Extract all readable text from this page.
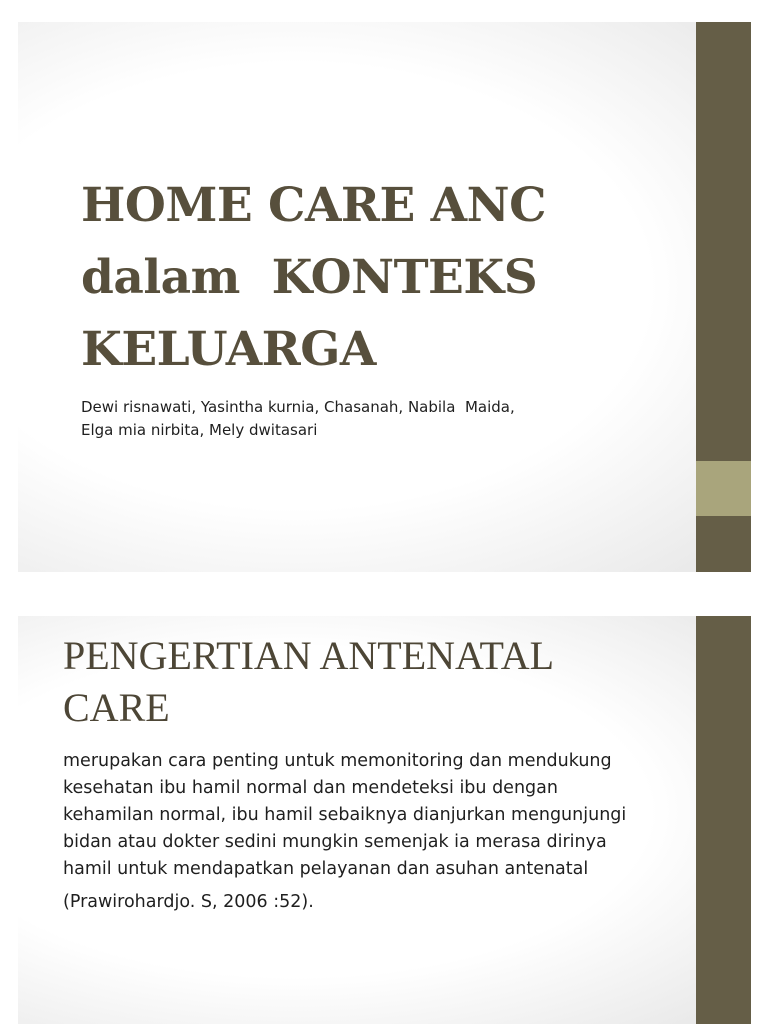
HOME CARE ANC
dalam  KONTEKS
KELUARGA

Dewi risnawati, Yasintha kurnia, Chasanah, Nabila  Maida,
Elga mia nirbita, Mely dwitasari

PENGERTIAN ANTENATAL
CARE
merupakan cara penting untuk memonitoring dan mendukung
kesehatan ibu hamil normal dan mendeteksi ibu dengan
kehamilan normal, ibu hamil sebaiknya dianjurkan mengunjungi
bidan atau dokter sedini mungkin semenjak ia merasa dirinya
hamil untuk mendapatkan pelayanan dan asuhan antenatal
(Prawirohardjo. S, 2006 :52).
